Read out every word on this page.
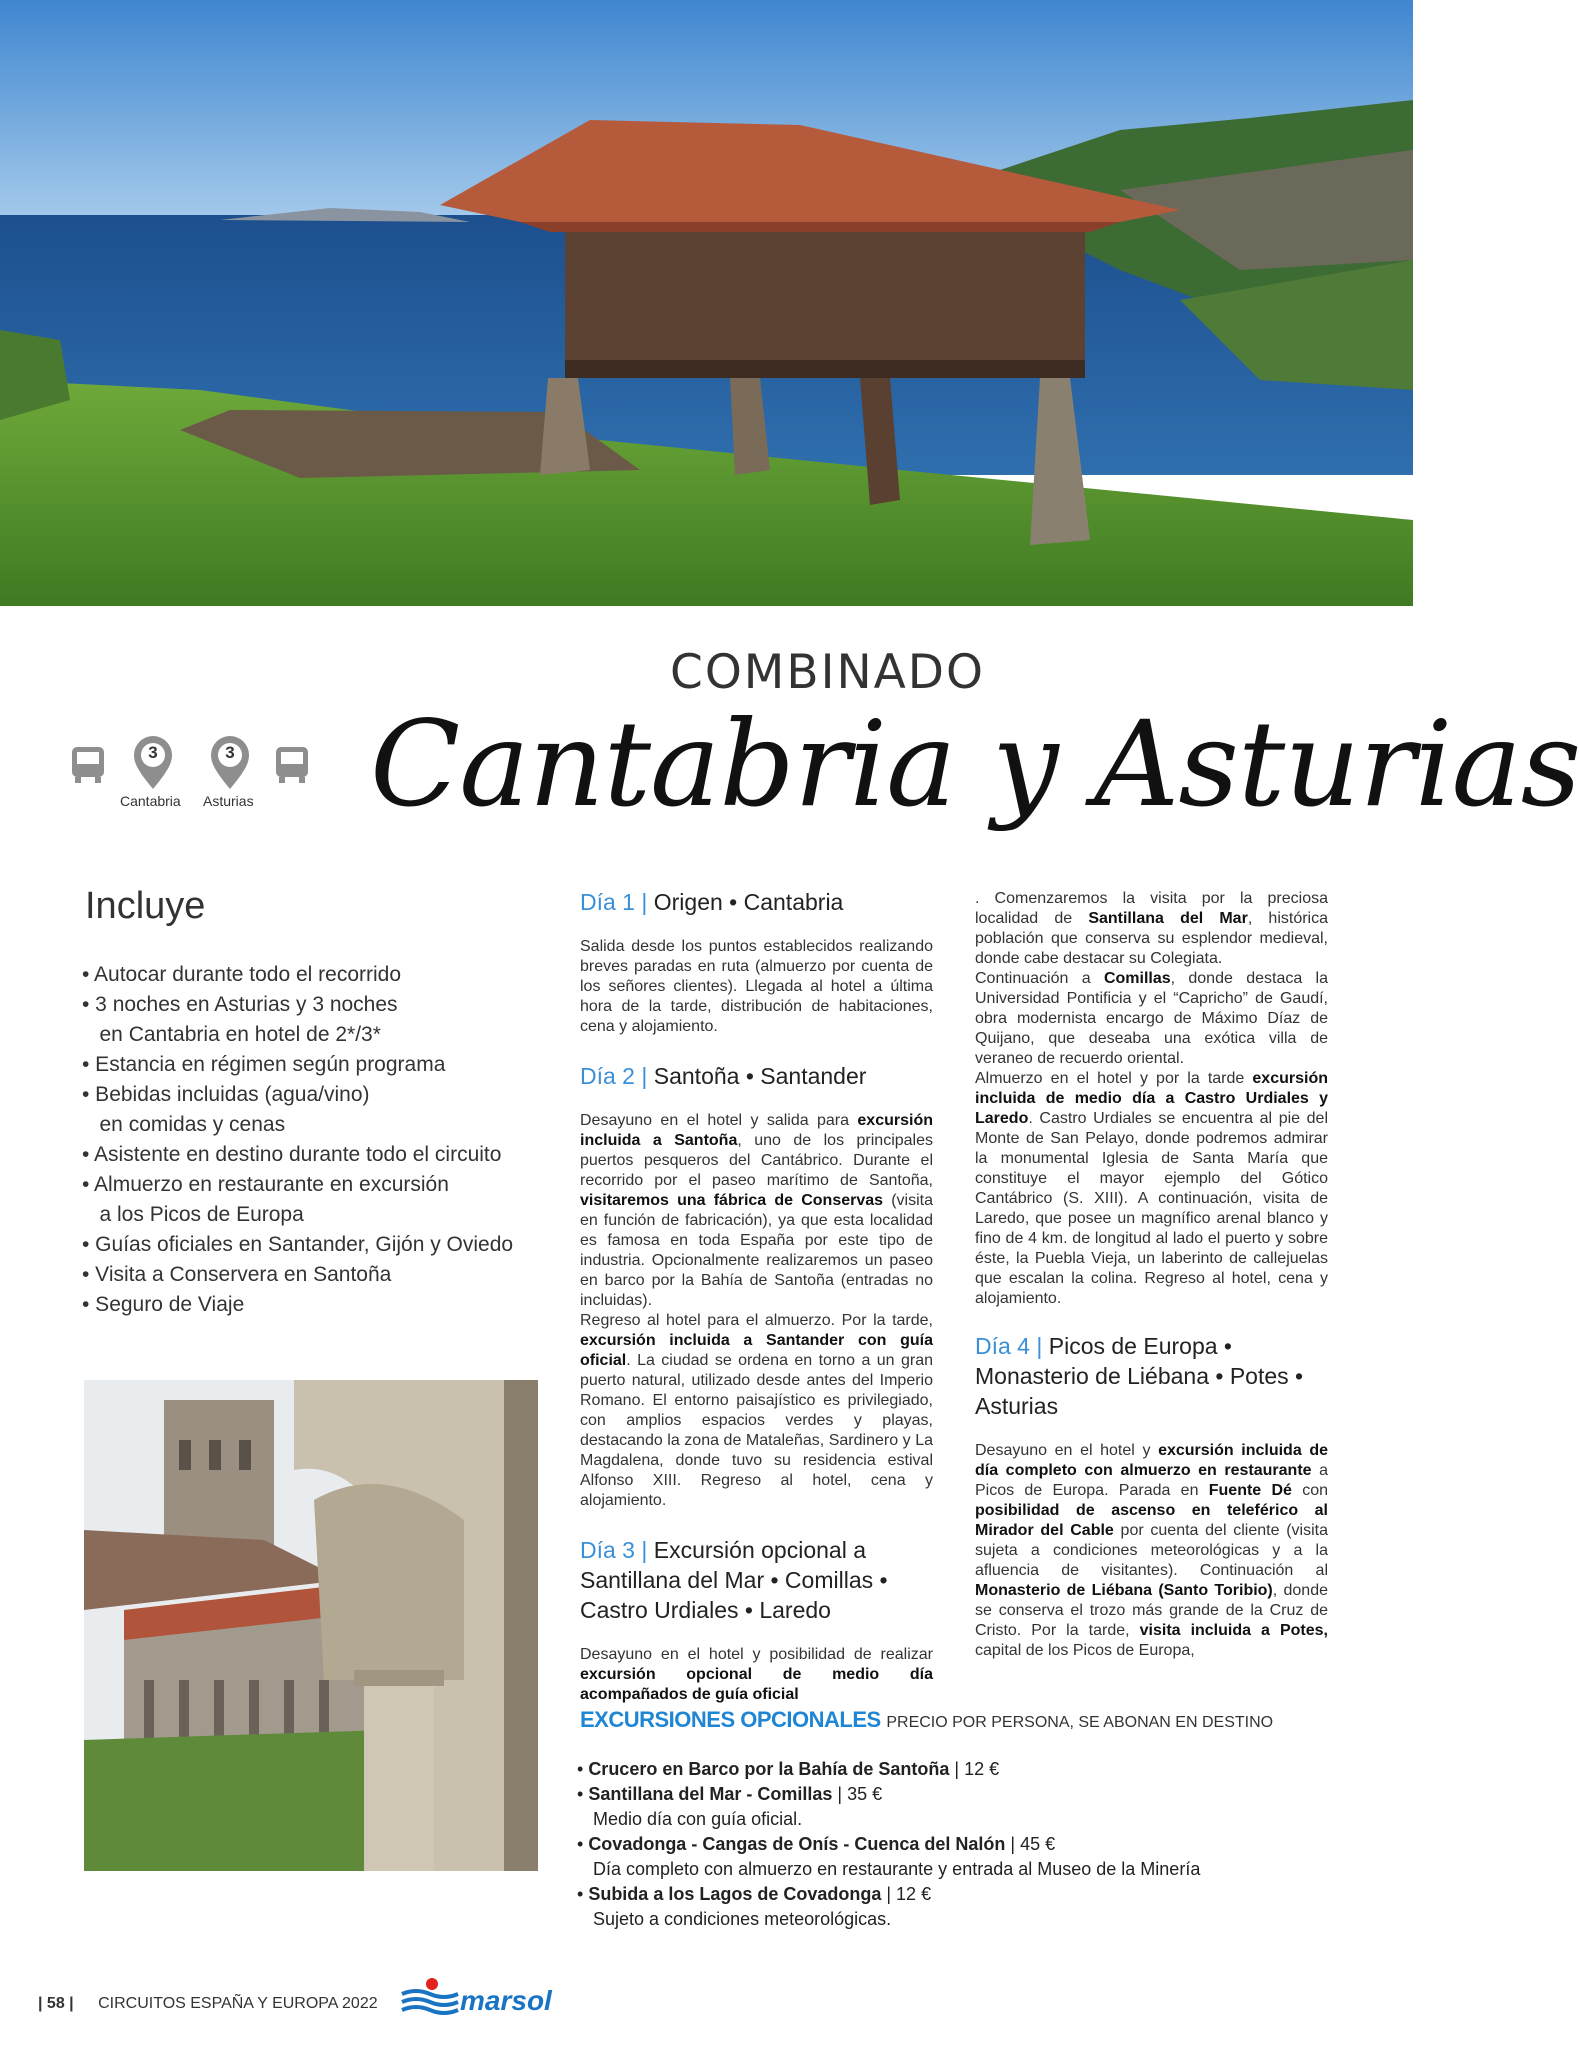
COMBINADO
Cantabria y Asturias
3	3
Cantabria Asturias
Incluye
• Autocar durante todo el recorrido
• 3 noches en Asturias y 3 noches
en Cantabria en hotel de 2*/3*
• Estancia en régimen según programa
• Bebidas incluidas (agua/vino)
en comidas y cenas
• Asistente en destino durante todo el circuito
• Almuerzo en restaurante en excursión
a los Picos de Europa
• Guías oficiales en Santander, Gijón y Oviedo
• Visita a Conservera en Santoña
• Seguro de Viaje
Día 1 | Origen • Cantabria

Salida desde los puntos establecidos realizando breves paradas en ruta (almuerzo por cuenta de los señores clientes). Llegada al hotel a última hora de la tarde, distribución de habitaciones, cena y alojamiento.

Día 2 | Santoña • Santander

Desayuno en el hotel y salida para excursión incluida a Santoña, uno de los principales puertos pesqueros del Cantábrico. Durante el recorrido por el paseo marítimo de Santoña, visitaremos una fábrica de Conservas (visita en función de fabricación), ya que esta localidad es famosa en toda España por este tipo de industria. Opcionalmente realizaremos un paseo en barco por la Bahía de Santoña (entradas no incluidas).

Regreso al hotel para el almuerzo. Por la tarde, excursión incluida a Santander con guía oficial. La ciudad se ordena en torno a un gran puerto natural, utilizado desde antes del Imperio Romano. El entorno paisajístico es privilegiado, con amplios espacios verdes y playas, destacando la zona de Mataleñas, Sardinero y La Magdalena, donde tuvo su residencia estival Alfonso XIII. Regreso al hotel, cena y alojamiento.

Día 3 | Excursión opcional a Santillana del Mar • Comillas • Castro Urdiales • Laredo

Desayuno en el hotel y posibilidad de realizar excursión opcional de medio día acompañados de guía oficial

. Comenzaremos la visita por la preciosa localidad de Santillana del Mar, histórica población que conserva su esplendor medieval, donde cabe destacar su Colegiata.

Continuación a Comillas, donde destaca la Universidad Pontificia y el “Capricho” de Gaudí, obra modernista encargo de Máximo Díaz de Quijano, que deseaba una exótica villa de veraneo de recuerdo oriental.

Almuerzo en el hotel y por la tarde excursión incluida de medio día a Castro Urdiales y Laredo. Castro Urdiales se encuentra al pie del Monte de San Pelayo, donde podremos admirar la monumental Iglesia de Santa María que constituye el mayor ejemplo del Gótico Cantábrico (S. XIII). A continuación, visita de Laredo, que posee un magnífico arenal blanco y fino de 4 km. de longitud al lado el puerto y sobre éste, la Puebla Vieja, un laberinto de callejuelas que escalan la colina. Regreso al hotel, cena y alojamiento.

Día 4 | Picos de Europa • Monasterio de Liébana • Potes • Asturias

Desayuno en el hotel y excursión incluida de día completo con almuerzo en restaurante a Picos de Europa. Parada en Fuente Dé con posibilidad de ascenso en teleférico al Mirador del Cable por cuenta del cliente (visita sujeta a condiciones meteorológicas y a la afluencia de visitantes). Continuación al Monasterio de Liébana (Santo Toribio), donde se conserva el trozo más grande de la Cruz de Cristo. Por la tarde, visita incluida a Potes, capital de los Picos de Europa,

EXCURSIONES OPCIONALES PRECIO POR PERSONA, SE ABONAN EN DESTINO
• Crucero en Barco por la Bahía de Santoña | 12 €
• Santillana del Mar - Comillas | 35 €
Medio día con guía oficial.
• Covadonga - Cangas de Onís - Cuenca del Nalón | 45 €
Día completo con almuerzo en restaurante y entrada al Museo de la Minería
• Subida a los Lagos de Covadonga | 12 €
Sujeto a condiciones meteorológicas.
| 58 | CIRCUITOS ESPAÑA Y EUROPA 2022	marsol
